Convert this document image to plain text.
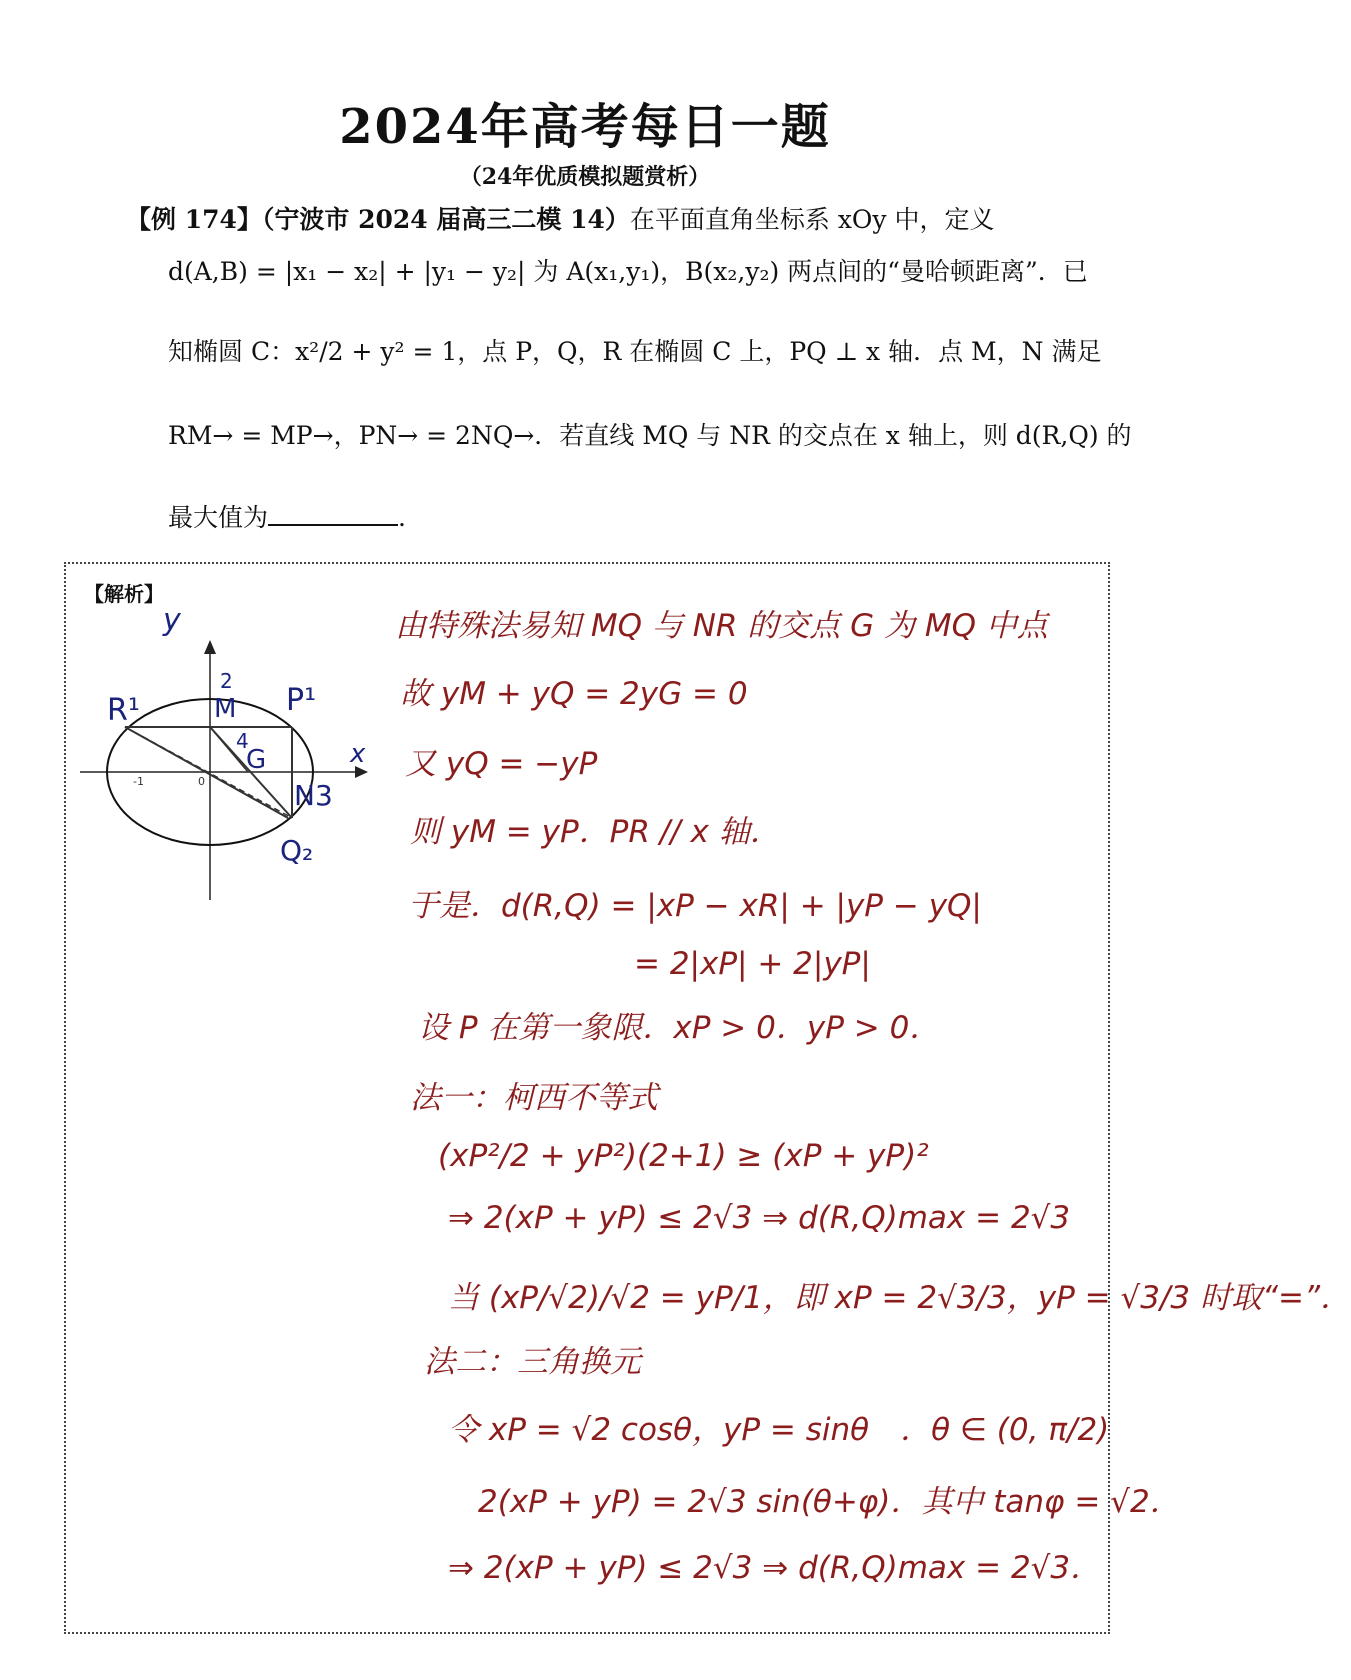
2024年高考每日一题
（24年优质模拟题赏析）
【例 174】（宁波市 2024 届高三二模 14）在平面直角坐标系 xOy 中，定义
d(A,B) = |x₁ − x₂| + |y₁ − y₂| 为 A(x₁,y₁)，B(x₂,y₂) 两点间的“曼哈顿距离”．已
知椭圆 C：x²/2 + y² = 1，点 P，Q，R 在椭圆 C 上，PQ ⊥ x 轴．点 M，N 满足
RM→ = MP→，PN→ = 2NQ→．若直线 MQ 与 NR 的交点在 x 轴上，则 d(R,Q) 的
最大值为	.
【解析】
y
2
R¹	M P¹
4
G	x
N3
Q₂
-1	0
由特殊法易知 MQ 与 NR 的交点 G 为 MQ 中点
故 yM + yQ = 2yG = 0
又 yQ = −yP
则 yM = yP．PR // x 轴．
于是．d(R,Q) = |xP − xR| + |yP − yQ|
= 2|xP| + 2|yP|
设 P 在第一象限．xP > 0．yP > 0．
法一：柯西不等式
(xP²/2 + yP²)(2+1) ≥ (xP + yP)²
⇒ 2(xP + yP) ≤ 2√3 ⇒ d(R,Q)max = 2√3
当 (xP/√2)/√2 = yP/1，即 xP = 2√3/3，yP = √3/3 时取“=”．
法二：三角换元
令 xP = √2 cosθ，yP = sinθ　．θ ∈ (0, π/2)
2(xP + yP) = 2√3 sin(θ+φ)．其中 tanφ = √2．
⇒ 2(xP + yP) ≤ 2√3 ⇒ d(R,Q)max = 2√3．
